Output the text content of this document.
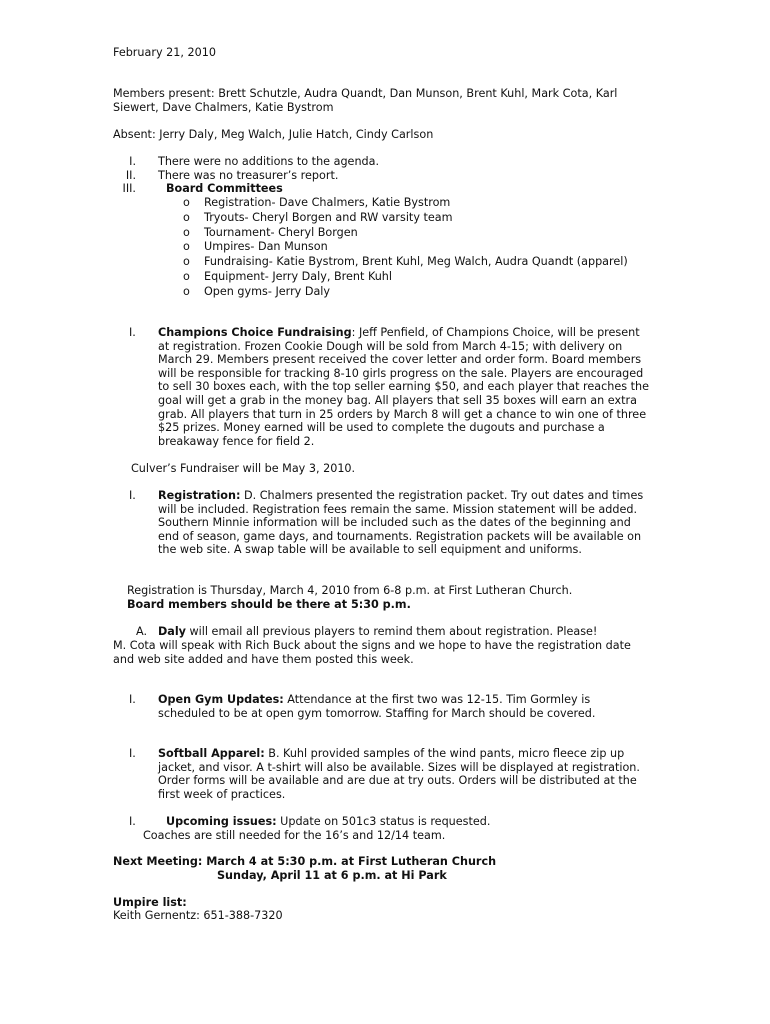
February 21, 2010
Members present: Brett Schutzle, Audra Quandt, Dan Munson, Brent Kuhl, Mark Cota, Karl Siewert, Dave Chalmers, Katie Bystrom
Absent: Jerry Daly, Meg Walch, Julie Hatch, Cindy Carlson
I. There were no additions to the agenda.
II. There was no treasurer’s report.
III.	Board Committees
o Registration- Dave Chalmers, Katie Bystrom
o Tryouts- Cheryl Borgen and RW varsity team
o Tournament- Cheryl Borgen
o Umpires- Dan Munson
o Fundraising- Katie Bystrom, Brent Kuhl, Meg Walch, Audra Quandt (apparel)
o Equipment- Jerry Daly, Brent Kuhl
o Open gyms- Jerry Daly
I. Champions Choice Fundraising: Jeff Penfield, of Champions Choice, will be present at registration. Frozen Cookie Dough will be sold from March 4-15; with delivery on March 29. Members present received the cover letter and order form. Board members will be responsible for tracking 8-10 girls progress on the sale. Players are encouraged to sell 30 boxes each, with the top seller earning $50, and each player that reaches the goal will get a grab in the money bag. All players that sell 35 boxes will earn an extra grab. All players that turn in 25 orders by March 8 will get a chance to win one of three $25 prizes. Money earned will be used to complete the dugouts and purchase a breakaway fence for field 2.
Culver’s Fundraiser will be May 3, 2010.
I. Registration: D. Chalmers presented the registration packet. Try out dates and times will be included. Registration fees remain the same. Mission statement will be added. Southern Minnie information will be included such as the dates of the beginning and end of season, game days, and tournaments. Registration packets will be available on the web site. A swap table will be available to sell equipment and uniforms.
Registration is Thursday, March 4, 2010 from 6-8 p.m. at First Lutheran Church.
Board members should be there at 5:30 p.m.
A. Daly will email all previous players to remind them about registration. Please!
M. Cota will speak with Rich Buck about the signs and we hope to have the registration date and web site added and have them posted this week.
I. Open Gym Updates: Attendance at the first two was 12-15. Tim Gormley is scheduled to be at open gym tomorrow. Staffing for March should be covered.
I. Softball Apparel: B. Kuhl provided samples of the wind pants, micro fleece zip up jacket, and visor. A t-shirt will also be available. Sizes will be displayed at registration. Order forms will be available and are due at try outs. Orders will be distributed at the first week of practices.
I.	Upcoming issues: Update on 501c3 status is requested.
Coaches are still needed for the 16’s and 12/14 team.
Next Meeting: March 4 at 5:30 p.m. at First Lutheran Church
Sunday, April 11 at 6 p.m. at Hi Park
Umpire list:
Keith Gernentz: 651-388-7320
